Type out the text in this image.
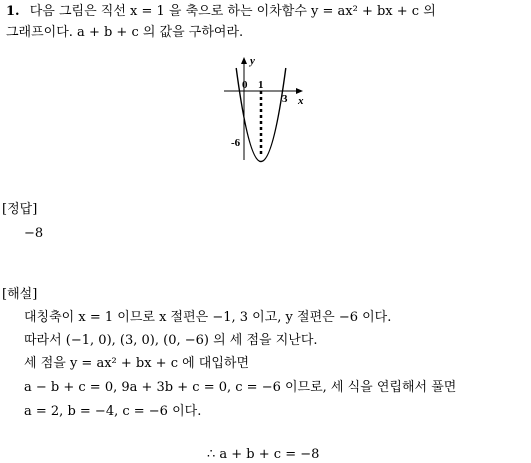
1. 다음 그림은 직선 x = 1 을 축으로 하는 이차함수 y = ax² + bx + c 의
그래프이다. a + b + c 의 값을 구하여라.
y
x
0 1
3
-6
[정답]
−8
[해설]
대칭축이 x = 1 이므로 x 절편은 −1, 3 이고, y 절편은 −6 이다.
따라서 (−1, 0), (3, 0), (0, −6) 의 세 점을 지난다.
세 점을 y = ax² + bx + c 에 대입하면
a − b + c = 0, 9a + 3b + c = 0, c = −6 이므로, 세 식을 연립해서 풀면
a = 2, b = −4, c = −6 이다.
∴ a + b + c = −8
